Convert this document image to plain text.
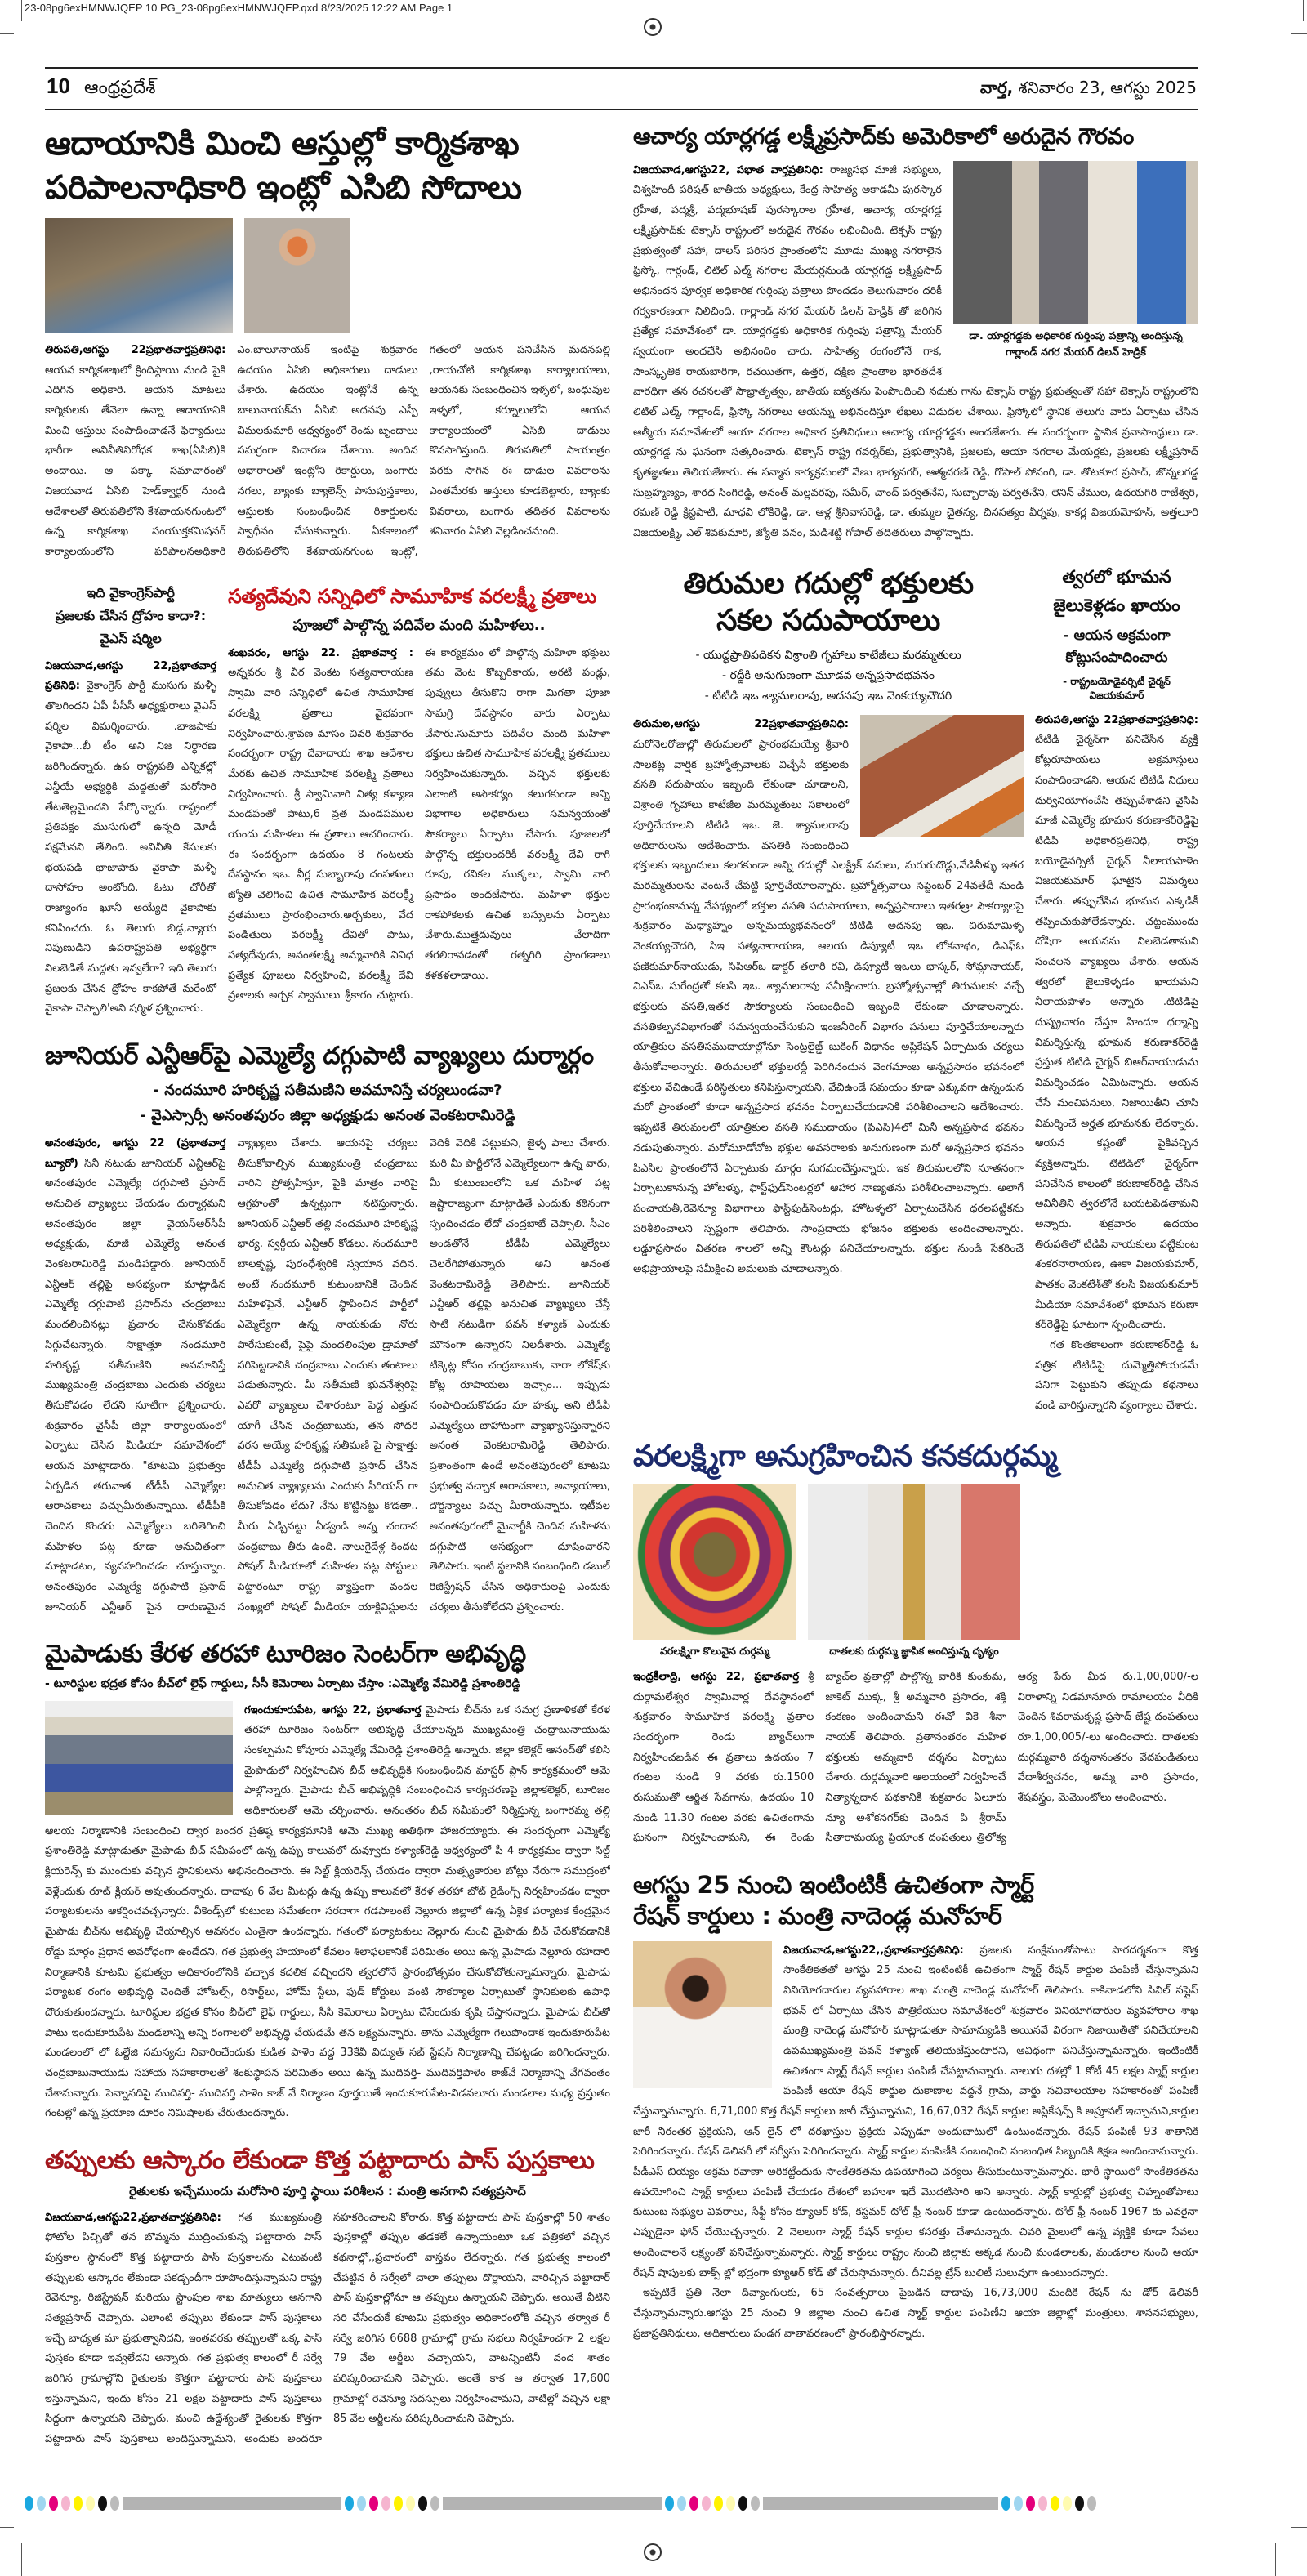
23-08pg6exHMNWJQEP 10 PG_23-08pg6exHMNWJQEP.qxd 8/23/2025 12:22 AM Page 1
10 ఆంధ్రప్రదేశ్	వార్త, శనివారం 23, ఆగస్టు 2025
ఆదాయానికి మించి ఆస్తుల్లో కార్మికశాఖ
పరిపాలనాధికారి ఇంట్లో ఎసిబి సోదాలు
తిరుపతి,ఆగస్టు 22ప్రభాతవార్తప్రతినిధి: ఆయన కార్మికశాఖలో క్రిందిస్థాయి నుండి పైకి ఎదిగిన అధికారి. ఆయన మాటలు కార్మికులకు తేనెలా ఉన్నా ఆదాయానికి మించి ఆస్తులు సంపాదించాడనే ఫిర్యాదులు భారీగా అవినీతినిరోధక శాఖ(ఏసిబి)కి అందాయి. ఆ పక్కా సమాచారంతో విజయవాడ ఏసిబి హెడ్‌క్వార్టర్ నుండి ఆదేశాలతో తిరుపతిలోని కేశవాయనగుంటలో ఉన్న కార్మికశాఖ సంయుక్తకమిషనర్ కార్యాలయంలోని పరిపాలనఅధికారి ఎం.బాలూనాయక్ ఇంటిపై శుక్రవారం ఉదయం ఏసిబి అధికారులు దాడులు చేశారు. ఉదయం ఇంట్లోనే ఉన్న బాలునాయక్‌ను ఏసిబి అదనపు ఎస్పీ విమలకుమారి ఆధ్వర్యంలో రెండు బృందాలు సమగ్రంగా విచారణ చేశాయి. అందిన ఆధారాలతో ఇంట్లోని రికార్డులు, బంగారు నగలు, బ్యాంకు బ్యాలెన్స్ పాసుపుస్తకాలు, ఆస్తులకు సంబంధించిన రికార్డులను స్వాధీనం చేసుకున్నారు. ఏకకాలంలో తిరుపతిలోని కేశవాయనగుంట ఇంట్లో, గతంలో ఆయన పనిచేసిన మదనపల్లి ,రాయచోటి కార్మికశాఖ కార్యాలయాలు, ఆయనకు సంబంధించిన ఇళ్ళలో, బంధువుల ఇళ్ళలో, కర్నూలులోని ఆయన కార్యాలయంలో ఏసిబి దాడులు కొనసాగిస్తుంది. తిరుపతిలో సాయంత్రం వరకు సాగిన ఈ దాడుల వివరాలను ఎంతమేరకు ఆస్తులు కూడబెట్టారు, బ్యాంకు వివరాలు, బంగారు తదితర వివరాలను శనివారం ఏసిబి వెల్లడించనుంది.
ఇది వైకాంగ్రెస్‌పార్టీ
ప్రజలకు చేసిన ద్రోహం కాదా?:
వైఎస్ షర్మిల
విజయవాడ,ఆగస్టు 22,ప్రభాతవార్త ప్రతినిధి: వైకాంగ్రెస్ పార్టీ ముసుగు మళ్ళీ తొలగిందని ఏపీ పీసీసీ అధ్యక్షురాలు వైఎస్ షర్మిల విమర్శించారు. .భాజపాకు వైకాపా...బీ టీం అని నిజ నిర్ధారణ జరిగిందన్నారు. ఉప రాష్ట్రపతి ఎన్నికల్లో ఎన్డీయే అభ్యర్థికి మద్దతుతో మరోసారి తేటతెల్లమైందని పేర్కొన్నారు. రాష్ట్రంలో ప్రతిపక్షం ముసుగులో ఉన్నది మోడీ పక్షమేనని తేలింది. అవినీతి కేసులకు భయపడి భాజాపాకు వైకాపా మళ్ళీ దాసోహం అంటోంది. ఓటు చోరీతో రాజ్యాంగం ఖూనీ అయ్యేది వైకాపాకు కనిపించదు. ఓ తెలుగు బిడ్డ,న్యాయ నిపుణుడిని ఉపరాష్ట్రపతి అభ్యర్థిగా నిలబెడితే మద్దతు ఇవ్వలేరా? ఇది తెలుగు ప్రజలకు చేసిన ద్రోహం కాకపోతే మరేంటో వైకాపా చెప్పాలి'అని షర్మిళ ప్రశ్నించారు.
సత్యదేవుని సన్నిధిలో సామూహిక వరలక్ష్మీ వ్రతాలు
పూజలో పాల్గొన్న పదివేల మంది మహిళలు..
శంఖవరం, ఆగస్టు 22. ప్రభాతవార్త : అన్నవరం శ్రీ వీర వెంకట సత్యనారాయణ స్వామి వారి సన్నిధిలో ఉచిత సామూహిక వరలక్ష్మి వ్రతాలు వైభవంగా నిర్వహించారు.శ్రావణ మాసం చివరి శుక్రవారం సందర్భంగా రాష్ట్ర దేవాదాయ శాఖ ఆదేశాల మేరకు ఉచిత సామూహిక వరలక్ష్మి వ్రతాలు నిర్వహించారు. శ్రీ స్వామివారి నిత్య కళ్యాణ మండపంతో పాటు,6 వ్రత మండపముల యందు మహిళలు ఈ వ్రతాలు ఆచరించారు. ఈ సందర్భంగా ఉదయం 8 గంటలకు దేవస్థానం ఇఒ. వీర్ల సుబ్బారావు దంపతులు జ్యోతి వెలిగించి ఉచిత సామూహిక వరలక్ష్మీ వ్రతములు ప్రారంభించారు.అర్చకులు, వేద పండితులు వరలక్ష్మీ దేవితో పాటు, సత్యదేవుడు, అనంతలక్ష్మి అమ్మవారికి వివిధ ప్రత్యేక పూజలు నిర్వహించి, వరలక్ష్మీ దేవి వ్రతాలకు అర్చక స్వాములు శ్రీకారం చుట్టారు. ఈ కార్యక్రమం లో పాల్గొన్న మహిళా భక్తులు తమ వెంట కొబ్బరికాయ, అరటి పండ్లు, పువ్వులు తీసుకొని రాగా మిగతా పూజా సామగ్రి దేవస్థానం వారు ఏర్పాటు చేసారు.సుమారు పదివేల మంది మహిళా భక్తులు ఉచిత సామూహిక వరలక్ష్మీ వ్రతములు నిర్వహించుకున్నారు. వచ్చిన భక్తులకు ఎలాంటి అసౌకర్యం కలుగకుండా అన్ని విభాగాల అధికారులు సమన్వయంతో సౌకర్యాలు ఏర్పాటు చేసారు. పూజలలో పాల్గొన్న భక్తులందరికీ వరలక్ష్మీ దేవి రాగి రూపు, రవికల ముక్కలు, స్వామి వారి ప్రసాదం అందజేసారు. మహిళా భక్తుల రాకపోకలకు ఉచిత బస్సులను ఏర్పాటు చేశారు.ముత్తైదువులు వేలాదిగా తరలిరావడంతో రత్నగిరి ప్రాంగణాలు కళకళలాడాయి.
జూనియర్ ఎన్టీఆర్‌పై ఎమ్మెల్యే దగ్గుపాటి వ్యాఖ్యలు దుర్మార్గం
- నందమూరి హరికృష్ణ సతీమణిని అవమానిస్తే చర్యలుండవా?
- వైఎస్సార్సీ అనంతపురం జిల్లా అధ్యక్షుడు అనంత వెంకటరామిరెడ్డి
అనంతపురం, ఆగస్టు 22 (ప్రభాతవార్త బ్యూరో) సినీ నటుడు జూనియర్ ఎన్టీఆర్‌పై అనంతపురం ఎమ్మెల్యే దగ్గుపాటి ప్రసాద్ అనుచిత వ్యాఖ్యలు చేయడం దుర్మార్గమని అనంతపురం జిల్లా వైయస్ఆర్‌సీపీ అధ్యక్షుడు, మాజీ ఎమ్మెల్యే అనంత వెంకటరామిరెడ్డి మండిపడ్డారు. జూనియర్ ఎన్టీఆర్ తల్లిపై అసభ్యంగా మాట్లాడిన ఎమ్మెల్యే దగ్గుపాటి ప్రసాద్‌ను చంద్రబాబు మందలించినట్లు ప్రచారం చేసుకోవడం సిగ్గుచేటన్నారు. సాక్షాత్తూ నందమూరి హరికృష్ణ సతీమణిని అవమానిస్తే ముఖ్యమంత్రి చంద్రబాబు ఎందుకు చర్యలు తీసుకోవడం లేదని సూటిగా ప్రశ్నించారు. శుక్రవారం వైసీపీ జిల్లా కార్యాలయంలో ఏర్పాటు చేసిన మీడియా సమావేశంలో ఆయన మాట్లాడారు. "కూటమి ప్రభుత్వం ఏర్పడిన తరువాత టీడీపీ ఎమ్మెల్యేల ఆరాచకాలు పెచ్చుమీరుతున్నాయి. టీడీపీకి చెందిన కొందరు ఎమ్మెల్యేలు బరితెగించి మహిళల పట్ల కూడా అనుచితంగా మాట్లాడటం, వ్యవహరించడం చూస్తున్నాం. అనంతపురం ఎమ్మెల్యే దగ్గుపాటి ప్రసాద్ జూనియర్ ఎన్టీఆర్ పైన దారుణమైన వ్యాఖ్యలు చేశారు. ఆయనపై చర్యలు తీసుకోవాల్సిన ముఖ్యమంత్రి చంద్రబాబు వారిని ప్రోత్సహిస్తూ, పైకి మాత్రం వారిపై ఆగ్రహంతో ఉన్నట్లుగా నటిస్తున్నారు. జూనియర్ ఎన్టీఆర్ తల్లి నందమూరి హరికృష్ణ భార్య. స్వర్గీయ ఎన్టీఆర్ కోడలు. నందమూరి బాలకృష్ణ, పురంధేశ్వరికి స్వయాన వదిన. అంటే నందమూరి కుటుంబానికి చెందిన మహిళపైనే, ఎన్టీఆర్ స్థాపించిన పార్టీలో ఎమ్మెల్యేగా ఉన్న నాయకుడు నోరు పారేసుకుంటే, పైపై మందలింపుల డ్రామాతో సరిపెట్టడానికి చంద్రబాబు ఎందుకు తంటాలు పడుతున్నారు. మీ సతీమణి భువనేశ్వరిపై ఎవరో వ్యాఖ్యలు చేశారంటూ పెద్ద ఎత్తున యాగీ చేసిన చంద్రబాబుకు, తన సోదరి వరస అయ్యే హరికృష్ణ సతీమణి పై సాక్షాత్తు టీడీపీ ఎమ్మెల్యే దగ్గుపాటి ప్రసాద్ చేసిన అనుచిత వ్యాఖ్యలను ఎందుకు సీరియస్ గా తీసుకోవడం లేదు? నేను కొట్టినట్టు కొడతా.. మీరు ఏడ్చినట్టు ఏడ్వండి అన్న చందాన చంద్రబాబు తీరు ఉంది. నాలుగైదేళ్ల కిందట సోషల్ మీడియాలో మహిళల పట్ల పోస్టులు పెట్టారంటూ రాష్ట్ర వ్యాప్తంగా వందల సంఖ్యలో సోషల్ మీడియా యాక్టివిస్టులను వెదికి వెదికి పట్టుకుని, జైళ్ళ పాలు చేశారు. మరి మీ పార్టీలోనే ఎమ్మెల్యేలుగా ఉన్న వారు, మీ కుటుంబంలోని ఒక మహిళ పట్ల ఇష్టారాజ్యంగా మాట్లాడితే ఎందుకు కఠినంగా స్పందించడం లేదో చంద్రబాబే చెప్పాలి. సీఎం అండతోనే టీడీపీ ఎమ్మెల్యేలు చెలరేగిపోతున్నారు అని అనంత వెంకటరామిరెడ్డి తెలిపారు. జూనియర్ ఎన్టీఆర్ తల్లిపై అనుచిత వ్యాఖ్యలు చేస్తే సాటి నటుడిగా పవన్ కళ్యాణ్ ఎందుకు మౌనంగా ఉన్నారని నిలదీశారు. ఎమ్మెల్యే టిక్కెట్ల కోసం చంద్రబాబుకు, నారా లోకేష్‌కు కోట్ల రూపాయలు ఇచ్చాం... ఇప్పుడు సంపాదించుకోవడం మా హక్కు అని టీడీపీ ఎమ్మెల్యేలు బాహాటంగా వ్యాఖ్యానిస్తున్నారని అనంత వెంకటరామిరెడ్డి తెలిపారు. ప్రశాంతంగా ఉండే అనంతపురంలో కూటమి ప్రభుత్వ వచ్చాక అరాచకాలు, అన్యాయాలు, దౌర్జన్యాలు పెచ్చు మీరాయన్నారు. ఇటీవల అనంతపురంలో మైనార్టీకి చెందిన మహిళను దగ్గుపాటి అసభ్యంగా దూషించారని తెలిపారు. ఇంటి స్థలానికి సంబంధించి డబుల్ రిజిస్ట్రేషన్ చేసిన అధికారులపై ఎందుకు చర్యలు తీసుకోలేదని ప్రశ్నించారు.
మైపాడుకు కేరళ తరహా టూరిజం సెంటర్‌గా అభివృద్ధి
- టూరిస్టుల భద్రత కోసం బీచ్‌లో లైఫ్ గార్డులు, సీసీ కెమెరాలు ఏర్పాటు చేస్తాం :ఎమ్మెల్యే వేమిరెడ్డి ప్రశాంతిరెడ్డి
గఇందుకూరుపేట, ఆగస్టు 22, ప్రభాతవార్త మైపాడు బీచ్‌ను ఒక సమగ్ర ప్రణాళికతో కేరళ తరహా టూరిజం సెంటర్‌గా అభివృద్ధి చేయాలన్నది ముఖ్యమంత్రి చంద్రాబునాయుడు సంకల్పమని కోవూరు ఎమ్మెల్యే వేమిరెడ్డి ప్రశాంతిరెడ్డి అన్నారు. జిల్లా కలెక్టర్ ఆనంద్‌తో కలిసి మైపాడులో నిర్వహించిన బీచ్ అభివృద్ధికి సంబంధించిన మాస్టర్ ప్లాన్ కార్యక్రమంలో ఆమె పాల్గొన్నారు. మైపాడు బీచ్ అభివృద్ధికి సంబంధించిన కార్యచరణపై జిల్లాకలెక్టర్, టూరిజం అధికారులతో ఆమె చర్చించారు. అనంతరం బీచ్ సమీపంలో నిర్మిస్తున్న బంగారమ్మ తల్లి ఆలయ నిర్మాణానికి సంబంధించి ద్వార బందర ప్రతిష్ఠ కార్యక్రమానికి ఆమె ముఖ్య అతిథిగా హాజరయ్యారు. ఈ సందర్భంగా ఎమ్మెల్యే ప్రశాంతిరెడ్డి మాట్లాడుతూ మైపాడు బీచ్ సమీపంలో ఉన్న ఉప్పు కాలువలో దువ్వూరు కళ్యాణ్‌రెడ్డి ఆధ్వర్యంలో పీ 4 కార్యక్రమం ద్వారా సిల్ట్ క్లియరెన్స్ కు ముందుకు వచ్చిన స్థానికులను అభినందించారు. ఈ సిల్ట్ క్లియరెన్స్ చేయడం ద్వారా మత్స్యకారుల బోట్లు నేరుగా సముద్రంలో వెళ్లేందుకు రూట్ క్లియర్ అవుతుందన్నారు. దాదాపు 6 వేల మీటర్లు ఉన్న ఉప్పు కాలువలో కేరళ తరహా బోట్ రైడింగ్స్ నిర్వహించడం ద్వారా పర్యాటకులను ఆకర్షించవచ్చన్నారు. వీకెండ్స్‌లో కుటుంబ సమేతంగా సరదాగా గడపాలంటే నెల్లూరు జిల్లాలో ఉన్న ఏకైక పర్యాటక కేంద్రమైన మైపాడు బీచ్‌ను అభివృద్ధి చేయాల్సిన అవసరం ఎంతైనా ఉందన్నారు. గతంలో పర్యాటకులు నెల్లూరు నుంచి మైపాడు బీచ్ చేరుకోవడానికి రోడ్డు మార్గం ప్రధాన అవరోధంగా ఉండేదని, గత ప్రభుత్వ హయాంలో కేవలం శిలాఫలకానికే పరిమితం అయి ఉన్న మైపాడు నెల్లూరు రహదారి నిర్మాణానికి కూటమి ప్రభుత్వం అధికారంలోనికి వచ్చాక కదలిక వచ్చిందని త్వరలోనే ప్రారంభోత్సవం చేసుకోబోతున్నామన్నారు. మైపాడు పర్యాటక రంగం అభివృద్ధి చెందితే హోటల్స్, రిసార్ట్‌లు, హోమ్ స్టేలు, ఫుడ్ కోర్టులు వంటి సౌకర్యాల ఏర్పాటుతో స్థానికులకు ఉపాధి దొరుకుతుందన్నారు. టూరిస్టుల భద్రత కోసం బీచ్‌లో లైఫ్ గార్డులు, సీసీ కెమెరాలు ఏర్పాటు చేసేందుకు కృషి చేస్తానన్నారు. మైపాడు బీచ్‌తో పాటు ఇందుకూరుపేట మండలాన్ని అన్ని రంగాలలో అభివృద్ధి చేయడమే తన లక్ష్యమన్నారు. తాను ఎమ్మెల్యేగా గెలుపొందాక ఇందుకూరుపేట మండలంలో లో ఓల్టేజి సమస్యను నివారించేందుకు కుడిత పాళెం వద్ద 33కేవీ విద్యుత్ సబ్ స్టేషన్ నిర్మాణాన్ని చేపట్టడం జరిగిందన్నారు. చంద్రబాబునాయుడు సహాయ సహకారాలతో శంకుస్థాపన పరిమితం అయి ఉన్న ముదివర్తి- ముదివర్తిపాళెం కాజ్‌వే నిర్మాణాన్ని వేగవంతం చేశామన్నారు. పెన్నానదిపై ముదివర్తి- ముదివర్తి పాళెం కాజ్ వే నిర్మాణం పూర్తయితే ఇందుకూరుపేట-విడవలూరు మండలాల మధ్య ప్రస్తుతం గంటల్లో ఉన్న ప్రయాణ దూరం నిమిషాలకు చేరుతుందన్నారు.
తప్పులకు ఆస్కారం లేకుండా కొత్త పట్టాదారు పాస్ పుస్తకాలు
రైతులకు ఇచ్చేముందు మరోసారి పూర్తి స్థాయి పరిశీలన : మంత్రి అనగాని సత్యప్రసాద్
విజయవాడ,ఆగస్టు22,ప్రభాతవార్తప్రతినిధి: గత ముఖ్యమంత్రి ఫోటోల పిచ్చితో తన బొమ్మను ముద్రించుకున్న పట్టాదారు పాస్ పుస్తకాల స్థానంలో కొత్త పట్టాదారు పాస్ పుస్తకాలను ఎటువంటి తప్పులకు ఆస్కారం లేకుండా పకడ్బందీగా రూపొందిస్తున్నామని రాష్ట్ర రెవెన్యూ, రిజిస్ట్రేషన్ మరియు స్టాంపుల శాఖ మాత్యులు అనగాని సత్యప్రసాద్ చెప్పారు. ఎలాంటి తప్పులు లేకుండా పాస్ పుస్తకాలు ఇచ్చే బాధ్యత మా ప్రభుత్వానిదని, ఇంతవరకు తప్పులతో ఒక్క పాస్ పుస్తకం కూడా ఇవ్వలేదని అన్నారు. గత ప్రభుత్వ కాలంలో రీ సర్వే జరిగిన గ్రామాల్లోని రైతులకు కొత్తగా పట్టాదారు పాస్ పుస్తకాలు ఇస్తున్నామని, ఇందు కోసం 21 లక్షల పట్టాదారు పాస్ పుస్తకాలు సిద్ధంగా ఉన్నాయని చెప్పారు. మంచి ఉద్దేశ్యంతో రైతులకు కొత్తగా పట్టాదారు పాస్ పుస్తకాలు అందిస్తున్నామని, అందుకు అందరూ సహకరించాలని కోరారు. కొత్త పట్టాదారు పాస్ పుస్తకాల్లో 50 శాతం పుస్తకాల్లో తప్పుల తడకలే ఉన్నాయంటూ ఒక పత్రికలో వచ్చిన కథనాల్లో,,ప్రచారంలో వాస్తవం లేదన్నారు. గత ప్రభుత్వ కాలంలో చేపట్టిన రీ సర్వేలో చాలా తప్పులు దొర్లాయని, వారిచ్చిన పట్టాదార్ పాస్ పుస్తకాల్లోనూ ఆ తప్పులు ఉన్నాయని చెప్పారు. అయితే వీటిని సరి చేసేందుకే కూటమి ప్రభుత్వం అధికారంలోకి వచ్చిన తర్వాత రీ సర్వే జరిగిన 6688 గ్రామాల్లో గ్రామ సభలు నిర్వహించగా 2 లక్షల 79 వేల అర్జీలు వచ్చాయని, వాటన్నింటినీ వంద శాతం పరిష్కరించామని చెప్పారు. అంతే కాక ఆ తర్వాత 17,600 గ్రామాల్లో రెవెన్యూ సదస్సులు నిర్వహించామని, వాటిల్లో వచ్చిన లక్షా 85 వేల అర్జీలను పరిష్కరించామని చెప్పారు.
ఆచార్య యార్లగడ్డ లక్ష్మీప్రసాద్‌కు అమెరికాలో అరుదైన గౌరవం
డా. యార్లగడ్డకు అధికారిక గుర్తింపు పత్రాన్ని అందిస్తున్న
గార్లాండ్ నగర మేయర్ డిలన్ హెడ్రిక్
విజయవాడ,ఆగస్టు22, పభాత వార్తప్రతినిధి: రాజ్యసభ మాజీ సభ్యులు, విశ్వహిందీ పరిషత్ జాతీయ అధ్యక్షులు, కేంద్ర సాహిత్య అకాడమీ పురస్కార గ్రహీత, పద్మశ్రీ, పద్మభూషణ్ పురస్కారాల గ్రహీత, ఆచార్య యార్లగడ్డ లక్ష్మీప్రసాద్‌కు టెక్సాస్ రాష్ట్రంలో అరుదైన గౌరవం లభించింది. టెక్సస్ రాష్ట్ర ప్రభుత్వంతో సహా, దాలస్ పరిసర ప్రాంతంలోని మూడు ముఖ్య నగరాలైన ఫ్రిస్కో, గార్లండ్, లిటిల్ ఎల్మ్ నగరాల మేయర్లనుండి యార్లగడ్డ లక్ష్మీప్రసాద్ అభినందన పూర్వక అధికారిక గుర్తింపు పత్రాలు పొందడం తెలుగువారం దరికీ గర్వకారణంగా నిలిచింది. గార్లాండ్ నగర మేయర్ డిలన్ హెడ్రిక్ తో జరిగిన ప్రత్యేక సమావేశంలో డా. యార్లగడ్డకు అధికారిక గుర్తింపు పత్రాన్ని మేయర్ స్వయంగా అందచేసి అభినందిం చారు. సాహిత్య రంగంలోనే గాక, సాంస్కృతిక రాయబారిగా, రచయితగా, ఉత్తర, దక్షిణ ప్రాంతాల భారతదేశ వారధిగా తన రచనలతో సౌభ్రాతృత్వం, జాతీయ ఐక్యతను పెంపొందించి నదుకు గాను టెక్సాస్ రాష్ట్ర ప్రభుత్వంతో సహా టెక్సాస్ రాష్ట్రంలోని లిటిల్ ఎల్మ్, గార్లాండ్, ఫ్రిస్కో నగరాలు ఆయన్ను అభినందిస్తూ లేఖలు విడుదల చేశాయి. ఫ్రిస్కోలో స్థానిక తెలుగు వారు ఏర్పాటు చేసిన ఆత్మీయ సమావేశంలో ఆయా నగరాల అధికార ప్రతినిధులు ఆచార్య యార్లగడ్డకు అందజేశారు. ఈ సందర్భంగా స్థానిక ప్రవాసాంధ్రులు డా. యార్లగడ్డ ను ఘనంగా సత్కరించారు. టెక్సాస్ రాష్ట్ర గవర్నర్‌కు, ప్రభుత్వానికి, ప్రజలకు, ఆయా నగరాల మేయర్లకు, ప్రజలకు లక్ష్మీప్రసాద్ కృతజ్ఞతలు తెలియజేశారు. ఈ సన్మాన కార్యక్రమంలో వేణు భాగ్యనగర్, ఆత్మచరణ్ రెడ్డి, గోపాల్ పోనంగి, డా. తోటకూర ప్రసాద్, జొన్నలగడ్డ సుబ్రహ్మణ్యం, శారద సింగిరెడ్డి, అనంత్ మల్లవరపు, సమీర్, చాంద్ పర్వతనేని, సుబ్బారావు పర్వతనేని, లెనిన్ వేముల, ఉదయగిరి రాజేశ్వరి, రమణ్ రెడ్డి క్రిస్టపాటి, మాధవి లోకిరెడ్డి, డా. ఆళ్ల శ్రీనివాసరెడ్డి, డా. తుమ్మల చైతన్య, చినసత్యం వీర్నపు, కాకర్ల విజయమోహన్, అత్తలూరి విజయలక్ష్మి, ఎల్ శివకుమారి, జ్యోతి వనం, మడిశెట్టి గోపాల్ తదితరులు పాల్గొన్నారు.
తిరుమల గదుల్లో భక్తులకు
సకల సదుపాయాలు
- యుద్ధప్రాతిపదికన విశ్రాంతి గృహాలు కాటేజీలు మరమ్మతులు
- రద్దీకి అనుగుణంగా మూడవ అన్నప్రసాదభవనం
- టీటీడి ఇఒ శ్యామలరావు, అదనపు ఇఒ వెంకయ్యచౌదరి
తిరుమల,ఆగస్టు 22ప్రభాతవార్తప్రతినిధి: మరోనెలరోజుల్లో తిరుమలలో ప్రారంభమయ్యే శ్రీవారి సాలకట్ల వార్షిక బ్రహ్మోత్సవాలకు విచ్చేసే భక్తులకు వసతి సదుపాయం ఇబ్బంది లేకుండా చూడాలని, విశ్రాంతి గృహాలు కాటేజీల మరమ్మతులు సకాలంలో పూర్తిచేయాలని టిటిడి ఇఒ. జె. శ్యామలరావు అధికారులను ఆదేశించారు. వసతికి సంబంధించి భక్తులకు ఇబ్బందులు కలగకుండా అన్ని గదుల్లో ఎలక్ట్రిక్ పనులు, మరుగుదొడ్లు,వేడినీళ్ళు ఇతర మరమ్మతులను వెంటనే చేపట్టి పూర్తిచేయాలన్నారు. బ్రహ్మోత్సవాలు సెప్టెంబర్ 24వతేదీ నుండి ప్రారంభంకానున్న నేపథ్యంలో భక్తుల వసతి సదుపాయాలు, అన్నప్రసాదాలు ఇతరత్రా సౌకర్యాలపై శుక్రవారం మధ్యాహ్నం అన్నమయ్యభవనంలో టిటిడి అదనపు ఇఒ. చిరుమామిళ్ళ వెంకయ్యచౌదరి, సిఇ సత్యనారాయణ, ఆలయ డిప్యూటీ ఇఒ లోకనాథం, డిఎఫ్ఓ ఫణికుమార్‌నాయుడు, సిపిఆర్ఒ డాక్టర్ తలారి రవి, డిప్యూటీ ఇఒలు భాస్కర్, సోమ్లానాయక్, విఎస్ఒ సురేంద్రతో కలసి ఇఒ. శ్యామలరావు సమీక్షించారు. బ్రహ్మోత్సవాల్లో తిరుమలకు వచ్చే భక్తులకు వసతి,ఇతర సౌకర్యాలకు సంబంధించి ఇబ్బంది లేకుండా చూడాలన్నారు. వసతికల్పనవిభాగంతో సమన్వయంచేసుకుని ఇంజనీరింగ్ విభాగం పనులు పూర్తిచేయాలన్నారు యాత్రికుల వసతిసముదాయాల్లోనూ సెంట్రలైజ్డ్ బుకింగ్ విధానం అప్లికేషన్ ఏర్పాటుకు చర్యలు తీసుకోవాలన్నారు. తిరుమలలో భక్తులరద్దీ పెరిగినందున వెంగమాంబ అన్నప్రసాదం భవనంలో భక్తులు వేచిఉండే పరిస్థితులు కనిపిస్తున్నాయని, వేచిఉండే సమయం కూడా ఎక్కువగా ఉన్నందున మరో ప్రాంతంలో కూడా అన్నప్రసాద భవనం ఏర్పాటుచేయడానికి పరిశీలించాలని ఆదేశించారు. ఇప్పటికే తిరుమలలో యాత్రికుల వసతి సముదాయం (పిఎసి)4లో మినీ అన్నప్రసాద భవనం నడుపుతున్నారు. మరోమూడోచోట భక్తుల అవసరాలకు అనుగుణంగా మరో అన్నప్రసాద భవనం పిఎసిల ప్రాంతంలోనే ఏర్పాటుకు మార్గం సుగమంచేస్తున్నారు. ఇక తిరుమలలోని నూతనంగా ఏర్పాటుకానున్న హోటళ్ళు, ఫాస్ట్‌ఫుడ్‌సెంటర్లలో ఆహార నాణ్యతను పరిశీలించాలన్నారు. అలాగే పంచాయతీ,రెవెన్యూ విభాగాలు ఫాస్ట్‌ఫుడ్‌సెంటర్లు, హోటళ్ళలో ఏర్పాటుచేసిన ధరలపట్టికను పరిశీలించాలని స్పష్టంగా తెలిపారు. సాంప్రదాయ భోజనం భక్తులకు అందించాలన్నారు. లడ్డూప్రసాదం వితరణ శాలలో అన్ని కౌంటర్లు పనిచేయాలన్నారు. భక్తుల నుండి సేకరించే అభిప్రాయాలపై సమీక్షించి అమలుకు చూడాలన్నారు.
త్వరలో భూమన
జైలుకెళ్లడం ఖాయం
- ఆయన అక్రమంగా
కోట్లుసంపాదించారు
- రాష్ట్రబయోడైవర్సిటీ చైర్మన్ విజయకుమార్
తిరుపతి,ఆగస్టు 22ప్రభాతవార్తప్రతినిధి: టిటిడి చైర్మన్‌గా పనిచేసిన వ్యక్తి కోట్లరూపాయలు అక్రమాస్తులు సంపాదించాడని, ఆయన టిటిడి నిధులు దుర్వినియోగంచేసి తప్పుచేశాడని వైసిపి మాజీ ఎమ్మెల్యే భూమన కరుణాకర్‌రెడ్డిపై టిడిపి అధికారప్రతినిధి, రాష్ట్ర బయోడైవర్సిటీ చైర్మన్ నీలాయపాళెం విజయకుమార్ ఘాటైన విమర్శలు చేశారు. తప్పుచేసిన భూమన ఎక్కడికీ తప్పించుకుపోలేడన్నారు. చట్టంముందు దోషిగా ఆయనను నిలబెడతామని సంచలన వ్యాఖ్యలు చేశారు. ఆయన త్వరలో జైలుకెళ్ళడం ఖాయమని నీలాయపాళెం అన్నారు .టిటిడిపై దుష్ప్రచారం చేస్తూ హిందూ ధర్మాన్ని విమర్శిస్తున్న భూమన కరుణాకర్‌రెడ్డి ప్రస్తుత టిటిడి చైర్మన్ బిఆర్‌నాయుడును విమర్శించడం ఏమిటన్నారు. ఆయన చేసే మంచిపనులు, నిజాయితీని చూసి విమర్శించే అర్హత భూమనకు లేదన్నారు. ఆయన కష్టంతో పైకివచ్చిన వ్యక్తిఅన్నారు. టిటిడిలో చైర్మన్‌గా పనిచేసిన కాలంలో కరుణాకర్‌రెడ్డి చేసిన అవినీతిని త్వరలోనే బయటపెడతామని అన్నారు. శుక్రవారం ఉదయం తిరుపతిలో టిడిపి నాయకులు పట్టికుంట శంకరనారాయణ, ఊకా విజయకుమార్, పాతకం వెంకటేశ్‌తో కలసి విజయకుమార్ మీడియా సమావేశంలో భూమన కరుణా కర్‌రెడ్డిపై ఘాటుగా స్పందించారు.
గత కొంతకాలంగా కరుణాకర్‌రెడ్డి ఓ పత్రిక టిటిడిపై దుమ్మెత్తిపోయడమే పనిగా పెట్టుకుని తప్పుడు కథనాలు వండి వారిస్తున్నారని వ్యంగ్యాలు చేశారు.
వరలక్ష్మిగా అనుగ్రహించిన కనకదుర్గమ్మ
వరలక్ష్మిగా కొలువైన దుర్గమ్మ	దాతలకు దుర్గమ్మ జ్ఞాపిక అందిస్తున్న దృశ్యం
ఇంద్రకీలాద్రి, ఆగస్టు 22, ప్రభాతవార్త శ్రీ దుర్గామలేశ్వర స్వామివార్ల దేవస్థానంలో శుక్రవారం సామూహిక వరలక్ష్మి వ్రతాల సందర్భంగా రెండు బ్యాచ్‌లుగా నిర్వహించబడిన ఈ వ్రతాలు ఉదయం 7 గంటల నుండి 9 వరకు రు.1500 రుసుముతో ఆర్జిత సేవగాను, ఉదయం 10 నుండి 11.30 గంటల వరకు ఉచితంగాను ఘనంగా నిర్వహించామని, ఈ రెండు బ్యాచ్‌ల వ్రతాల్లో పాల్గొన్న వారికి కుంకుమ, జాకెట్ ముక్క, శ్రీ అమ్మవారి ప్రసాదం, శక్తి కంకణం అందించామని ఈవో వికె శీనా నాయక్ తెలిపారు. వ్రతానంతరం మహిళ భక్తులకు అమ్మవారి దర్శనం ఏర్పాటు చేశారు. దుర్గమ్మవారి ఆలయంలో నిర్వహించే నిత్యాన్నదాన పథకానికి శుక్రవారం ఏలూరు న్యూ అశోకనగర్‌కు చెందిన పి శ్రీరామ్ సీతారామయ్య ప్రియాంక దంపతులు త్రిలోక్య ఆర్య పేరు మీద రు.1,00,000/-ల విరాళాన్ని నిడమానూరు రామాలయం వీధికి చెందిన శివరామకృష్ణ ప్రసాద్ జేష్ట దంపతులు రూ.1,00,005/-లు అందించారు. దాతలకు దుర్గమ్మవారి దర్శనానంతరం వేదపండితులు వేదాశీర్వచనం, అమ్మ వారి ప్రసాదం, శేషవస్త్రం, మెమొంటోలు అందించారు.
ఆగస్టు 25 నుంచి ఇంటింటికీ ఉచితంగా స్మార్ట్
రేషన్ కార్డులు : మంత్రి నాదెండ్ల మనోహర్
విజయవాడ,ఆగస్టు22,,ప్రభాతవార్తప్రతినిధి: ప్రజలకు సంక్షేమంతోపాటు పారదర్శకంగా కొత్త సాంకేతికతతో ఆగస్టు 25 నుంచి ఇంటింటికీ ఉచితంగా స్మార్ట్ రేషన్ కార్డుల పంపిణీ చేస్తున్నామని వినియోగదారుల వ్యవహారాల శాఖ మంత్రి నాదెండ్ల మనోహర్ తెలిపారు. కాకినాడలోని సివిల్ సప్లైస్ భవన్ లో ఏర్పాటు చేసిన పాత్రికేయుల సమావేశంలో శుక్రవారం వినియోగదారుల వ్యవహారాల శాఖ మంత్రి నాదెండ్ల మనోహర్ మాట్లాడుతూ సామాన్యుడికి అయినవే విరంగా నిజాయితీతో పనిచేయాలని ఉపముఖ్యమంత్రి పవన్ కళ్యాణ్ తెలియజేస్తుంటారని, ఆవిధంగా పనిచేస్తున్నామన్నారు. ఇంటింటికీ ఉచితంగా స్మార్ట్ రేషన్ కార్డుల పంపిణీ చేపట్టామన్నారు. నాలుగు దశల్లో 1 కోటీ 45 లక్షల స్మార్ట్ కార్డుల పంపిణీ ఆయా రేషన్ కార్డుల దుకాణాల వద్దనే గ్రామ, వార్డు సచివాలయాల సహకారంతో పంపిణీ చేస్తున్నామన్నారు. 6,71,000 కొత్త రేషన్ కార్డులు జారీ చేస్తున్నామని, 16,67,032 రేషన్ కార్డుల అప్లికేషన్స్ కి అప్రూవల్ ఇచ్చామని,కార్డుల జారీ నిరంతర ప్రక్రియని, ఆన్ లైన్ లో దరఖాస్తుల ప్రక్రియ ఎప్పుడూ అందుబాటులో ఉంటుందన్నారు. రేషన్ పంపిణీ 93 శాతానికి పెరిగిందన్నారు. రేషన్ డెలివరీ లో సర్వీసు పెరిగిందన్నారు. స్మార్ట్ కార్డుల పంపిణీకి సంబంధించి సంబంధిత సిబ్బందికి శిక్షణ అందించామన్నారు. పీడీఎస్ బియ్యం అక్రమ రవాణా అరికట్టేందుకు సాంకేతికతను ఉపయోగించి చర్యలు తీసుకుంటున్నామన్నారు. భారీ స్థాయిలో సాంకేతికతను ఉపయోగించి స్మార్ట్ కార్డులు పంపిణీ చేయడం దేశంలో బహుశా ఇదే మొదటిసారి అని అన్నారు. స్మార్ట్ కార్డుల్లో ప్రభుత్వ చిహ్నంతోపాటు కుటుంబ సభ్యుల వివరాలు, సేఫ్టీ కోసం క్యూఆర్ కోడ్, కస్టమర్ టోల్ ఫ్రీ నంబర్ కూడా ఉంటుందన్నారు. టోల్ ఫ్రీ నంబర్ 1967 కు ఎవరైనా ఎప్పుడైనా ఫోన్ చేయొచ్చన్నారు. 2 నెలలుగా స్మార్ట్ రేషన్ కార్డుల కసరత్తు చేశామన్నారు. చివరి మైలులో ఉన్న వ్యక్తికి కూడా సేవలు అందించాలనే లక్ష్యంతో పనిచేస్తున్నామన్నారు. స్మార్ట్ కార్డులు రాష్ట్రం నుంచి జిల్లాకు అక్కడ నుంచి మండలాలకు, మండలాల నుంచి ఆయా రేషన్ షాపులకు బాక్స్ ల్లో భద్రంగా క్యూఆర్ కోడ్ తో చేరుస్తామన్నారు. దీనివల్ల ట్రేస్ బులిటీ సులువుగా ఉంటుందన్నారు.
ఇప్పటికే ప్రతి నెలా దివ్యాంగులకు, 65 సంవత్సరాలు పైబడిన దాదాపు 16,73,000 మందికి రేషన్ ను డోర్ డెలివరీ చేస్తున్నామన్నారు.ఆగస్టు 25 నుంచి 9 జిల్లాల నుంచి ఉచిత స్మార్ట్ కార్డుల పంపిణీని ఆయా జిల్లాల్లో మంత్రులు, శాసనసభ్యులు, ప్రజాప్రతినిధులు, అధికారులు పండగ వాతావరణంలో ప్రారంభిస్తారన్నారు.
